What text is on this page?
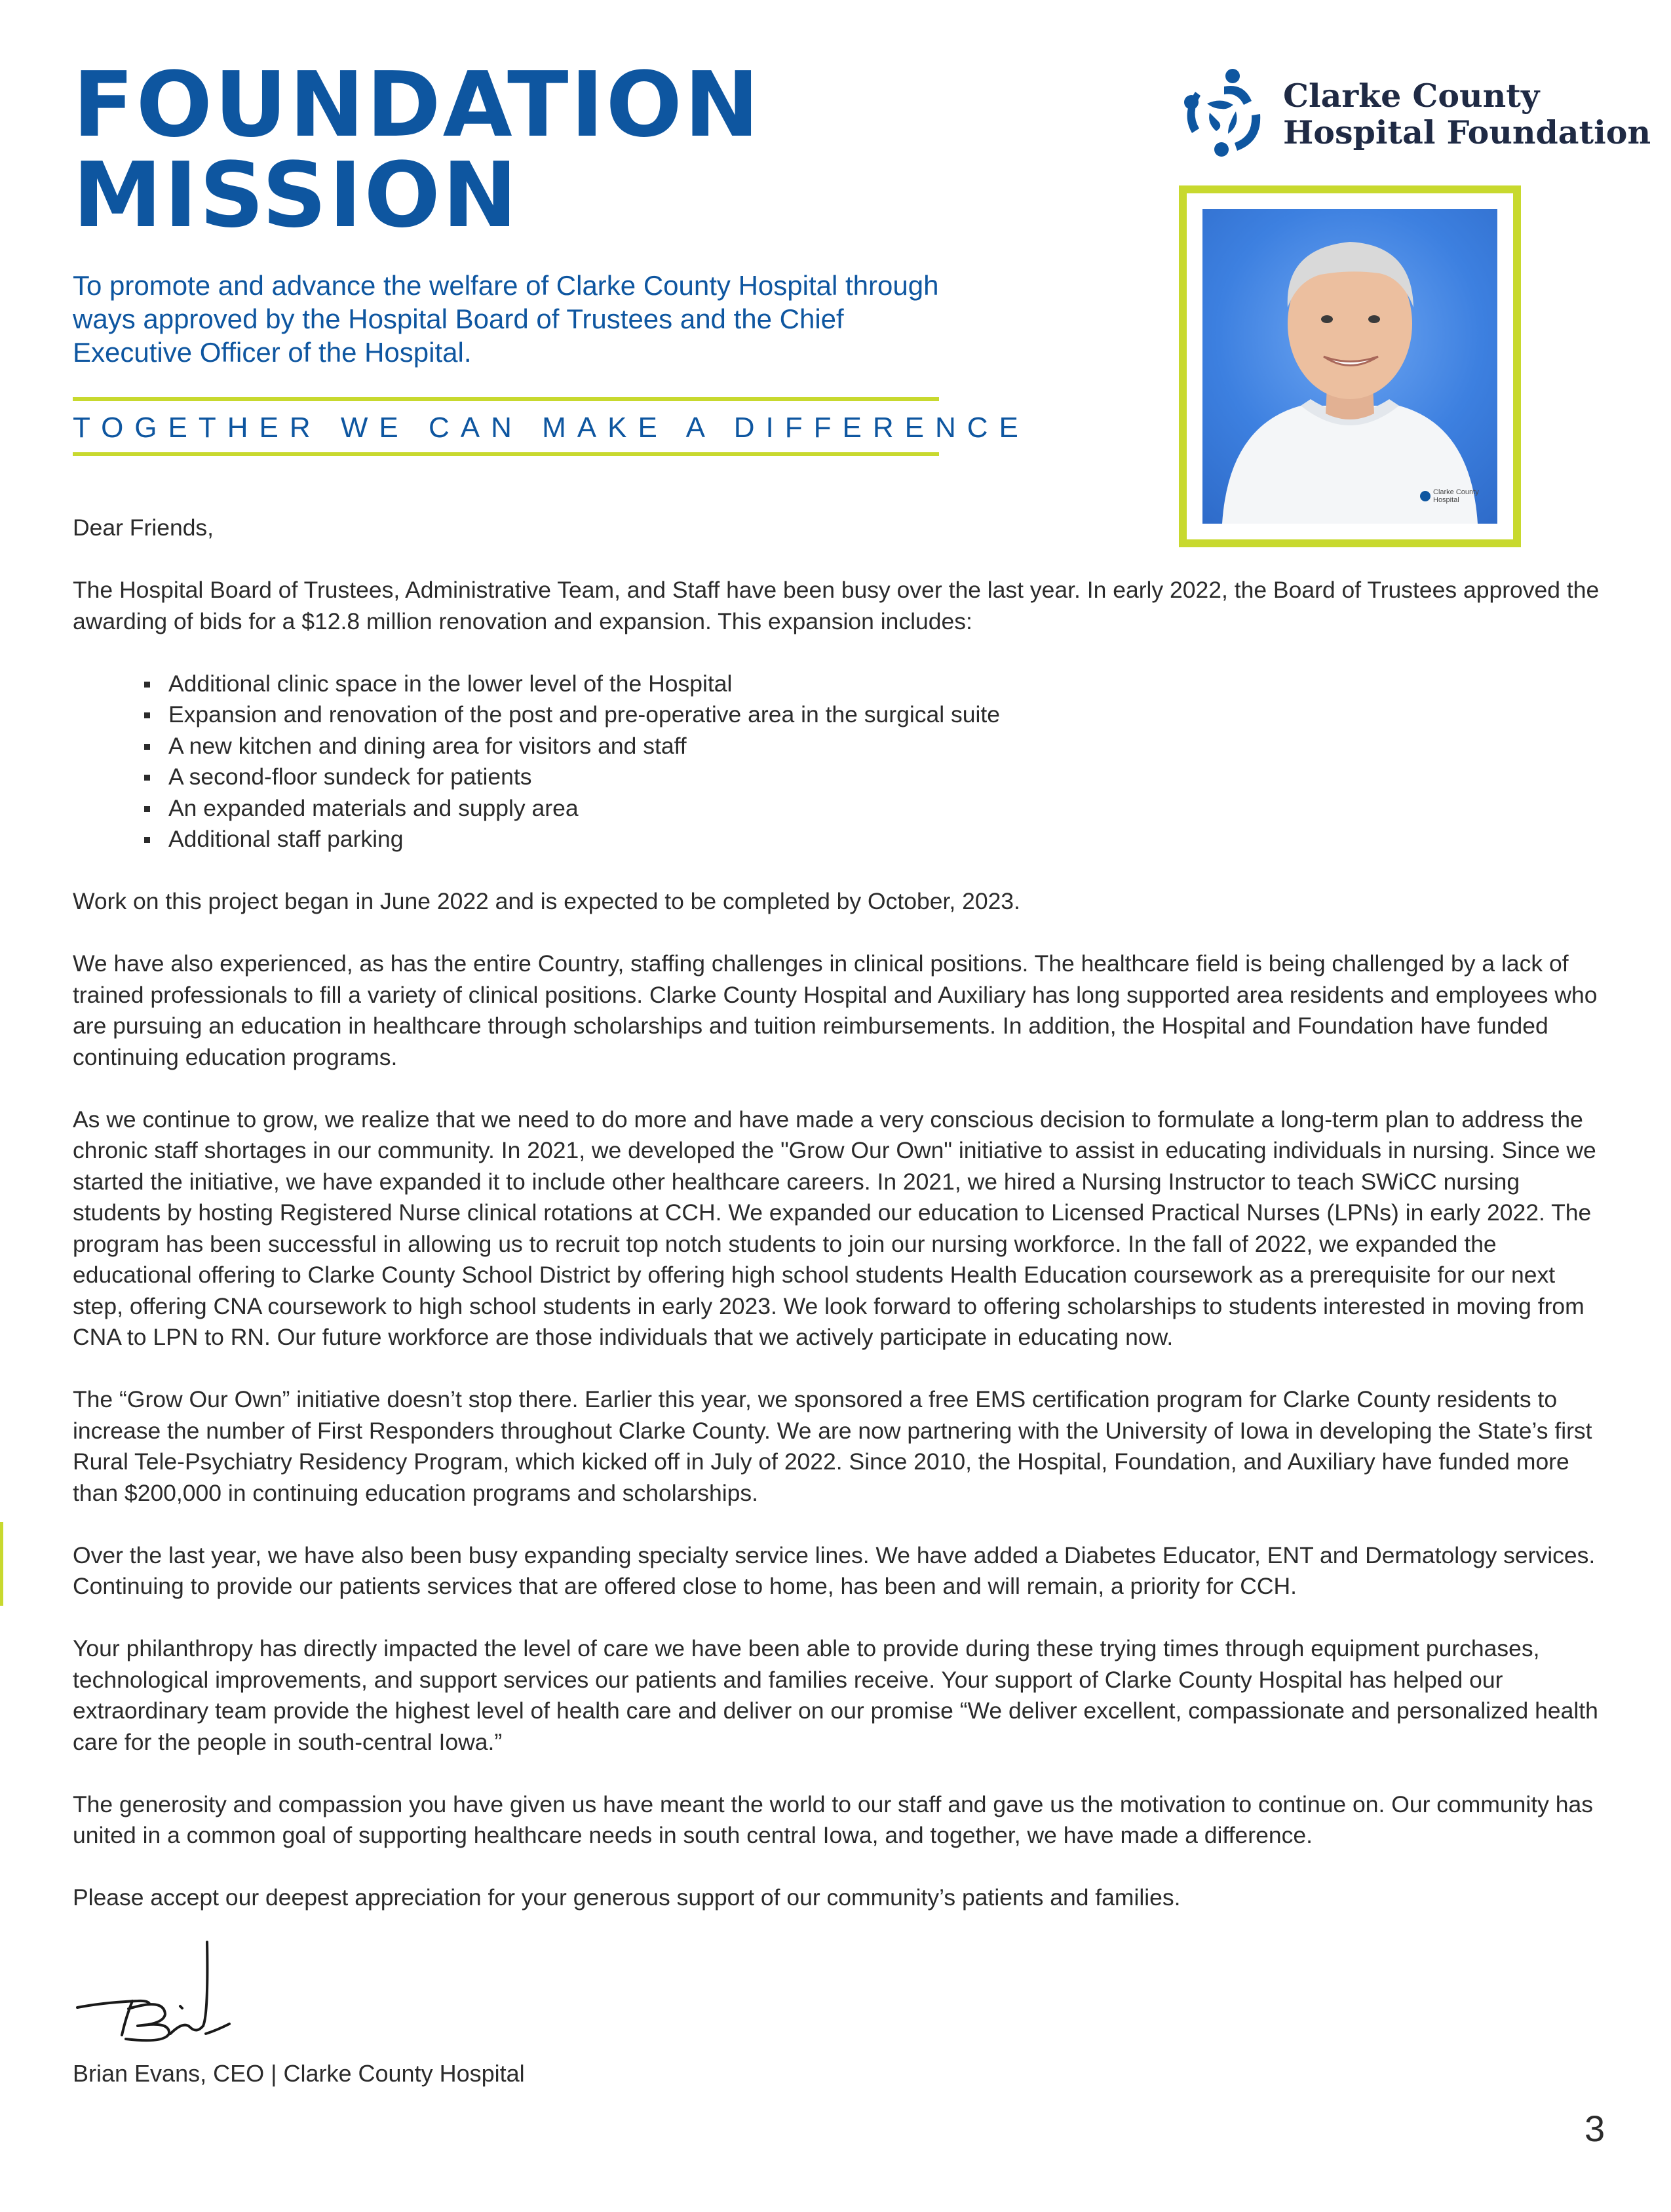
FOUNDATION
MISSION

To promote and advance the welfare of Clarke County Hospital through ways approved by the Hospital Board of Trustees and the Chief Executive Officer of the Hospital.

TOGETHER WE CAN MAKE A DIFFERENCE

Clarke County
Hospital Foundation
Clarke County Hospital

Dear Friends,

The Hospital Board of Trustees, Administrative Team, and Staff have been busy over the last year. In early 2022, the Board of Trustees approved the awarding of bids for a $12.8 million renovation and expansion. This expansion includes:

Additional clinic space in the lower level of the Hospital
Expansion and renovation of the post and pre-operative area in the surgical suite
A new kitchen and dining area for visitors and staff
A second-floor sundeck for patients
An expanded materials and supply area
Additional staff parking

Work on this project began in June 2022 and is expected to be completed by October, 2023.

We have also experienced, as has the entire Country, staffing challenges in clinical positions. The healthcare field is being challenged by a lack of trained professionals to fill a variety of clinical positions. Clarke County Hospital and Auxiliary has long supported area residents and employees who are pursuing an education in healthcare through scholarships and tuition reimbursements. In addition, the Hospital and Foundation have funded continuing education programs.

As we continue to grow, we realize that we need to do more and have made a very conscious decision to formulate a long-term plan to address the chronic staff shortages in our community. In 2021, we developed the "Grow Our Own" initiative to assist in educating individuals in nursing. Since we started the initiative, we have expanded it to include other healthcare careers. In 2021, we hired a Nursing Instructor to teach SWiCC nursing students by hosting Registered Nurse clinical rotations at CCH. We expanded our education to Licensed Practical Nurses (LPNs) in early 2022. The program has been successful in allowing us to recruit top notch students to join our nursing workforce. In the fall of 2022, we expanded the educational offering to Clarke County School District by offering high school students Health Education coursework as a prerequisite for our next step, offering CNA coursework to high school students in early 2023. We look forward to offering scholarships to students interested in moving from CNA to LPN to RN. Our future workforce are those individuals that we actively participate in educating now.

The “Grow Our Own” initiative doesn’t stop there. Earlier this year, we sponsored a free EMS certification program for Clarke County residents to increase the number of First Responders throughout Clarke County. We are now partnering with the University of Iowa in developing the State’s first Rural Tele-Psychiatry Residency Program, which kicked off in July of 2022. Since 2010, the Hospital, Foundation, and Auxiliary have funded more than $200,000 in continuing education programs and scholarships.

Over the last year, we have also been busy expanding specialty service lines. We have added a Diabetes Educator, ENT and Dermatology services. Continuing to provide our patients services that are offered close to home, has been and will remain, a priority for CCH.

Your philanthropy has directly impacted the level of care we have been able to provide during these trying times through equipment purchases, technological improvements, and support services our patients and families receive. Your support of Clarke County Hospital has helped our extraordinary team provide the highest level of health care and deliver on our promise “We deliver excellent, compassionate and personalized health care for the people in south-central Iowa.”

The generosity and compassion you have given us have meant the world to our staff and gave us the motivation to continue on. Our community has united in a common goal of supporting healthcare needs in south central Iowa, and together, we have made a difference.

Please accept our deepest appreciation for your generous support of our community’s patients and families.

Brian Evans, CEO | Clarke County Hospital

3
